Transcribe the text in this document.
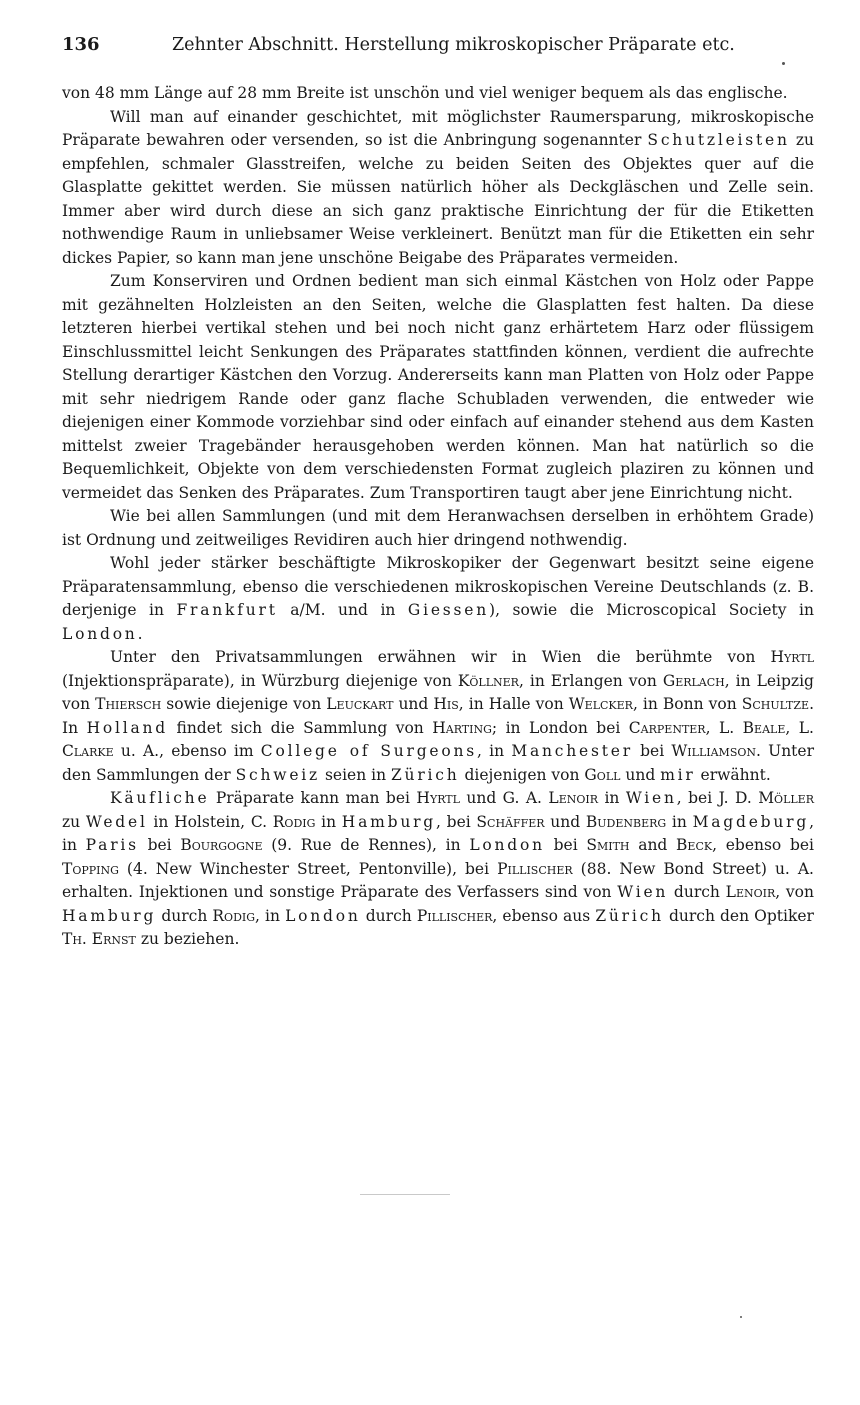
136	Zehnter Abschnitt. Herstellung mikroskopischer Präparate etc.

von 48 mm Länge auf 28 mm Breite ist unschön und viel weniger bequem als das englische.

Will man auf einander geschichtet, mit möglichster Raumersparung, mikroskopische Präparate bewahren oder versenden, so ist die Anbringung sogenannter Schutzleisten zu empfehlen, schmaler Glasstreifen, welche zu beiden Seiten des Objektes quer auf die Glasplatte gekittet werden. Sie müssen natürlich höher als Deckgläschen und Zelle sein. Immer aber wird durch diese an sich ganz praktische Einrichtung der für die Etiketten nothwendige Raum in unliebsamer Weise verkleinert. Benützt man für die Etiketten ein sehr dickes Papier, so kann man jene unschöne Beigabe des Präparates vermeiden.

Zum Konserviren und Ordnen bedient man sich einmal Kästchen von Holz oder Pappe mit gezähnelten Holzleisten an den Seiten, welche die Glasplatten fest halten. Da diese letzteren hierbei vertikal stehen und bei noch nicht ganz erhärtetem Harz oder flüssigem Einschlussmittel leicht Senkungen des Präparates stattfinden können, verdient die aufrechte Stellung derartiger Kästchen den Vorzug. Andererseits kann man Platten von Holz oder Pappe mit sehr niedrigem Rande oder ganz flache Schubladen verwenden, die entweder wie diejenigen einer Kommode vorziehbar sind oder einfach auf einander stehend aus dem Kasten mittelst zweier Tragebänder herausgehoben werden können. Man hat natürlich so die Bequemlichkeit, Objekte von dem verschiedensten Format zugleich plaziren zu können und vermeidet das Senken des Präparates. Zum Transportiren taugt aber jene Einrichtung nicht.

Wie bei allen Sammlungen (und mit dem Heranwachsen derselben in erhöhtem Grade) ist Ordnung und zeitweiliges Revidiren auch hier dringend nothwendig.

Wohl jeder stärker beschäftigte Mikroskopiker der Gegenwart besitzt seine eigene Präparatensammlung, ebenso die verschiedenen mikroskopischen Vereine Deutschlands (z. B. derjenige in Frankfurt a/M. und in Giessen), sowie die Microscopical Society in London.

Unter den Privatsammlungen erwähnen wir in Wien die berühmte von Hyrtl (Injektionspräparate), in Würzburg diejenige von Köllner, in Erlangen von Gerlach, in Leipzig von Thiersch sowie diejenige von Leuckart und His, in Halle von Welcker, in Bonn von Schultze. In Holland findet sich die Sammlung von Harting; in London bei Carpenter, L. Beale, L. Clarke u. A., ebenso im College of Surgeons, in Manchester bei Williamson. Unter den Sammlungen der Schweiz seien in Zürich diejenigen von Goll und mir erwähnt.

Käufliche Präparate kann man bei Hyrtl und G. A. Lenoir in Wien, bei J. D. Möller zu Wedel in Holstein, C. Rodig in Hamburg, bei Schäffer und Budenberg in Magdeburg, in Paris bei Bourgogne (9. Rue de Rennes), in London bei Smith and Beck, ebenso bei Topping (4. New Winchester Street, Pentonville), bei Pillischer (88. New Bond Street) u. A. erhalten. Injektionen und sonstige Präparate des Verfassers sind von Wien durch Lenoir, von Hamburg durch Rodig, in London durch Pillischer, ebenso aus Zürich durch den Optiker Th. Ernst zu beziehen.
